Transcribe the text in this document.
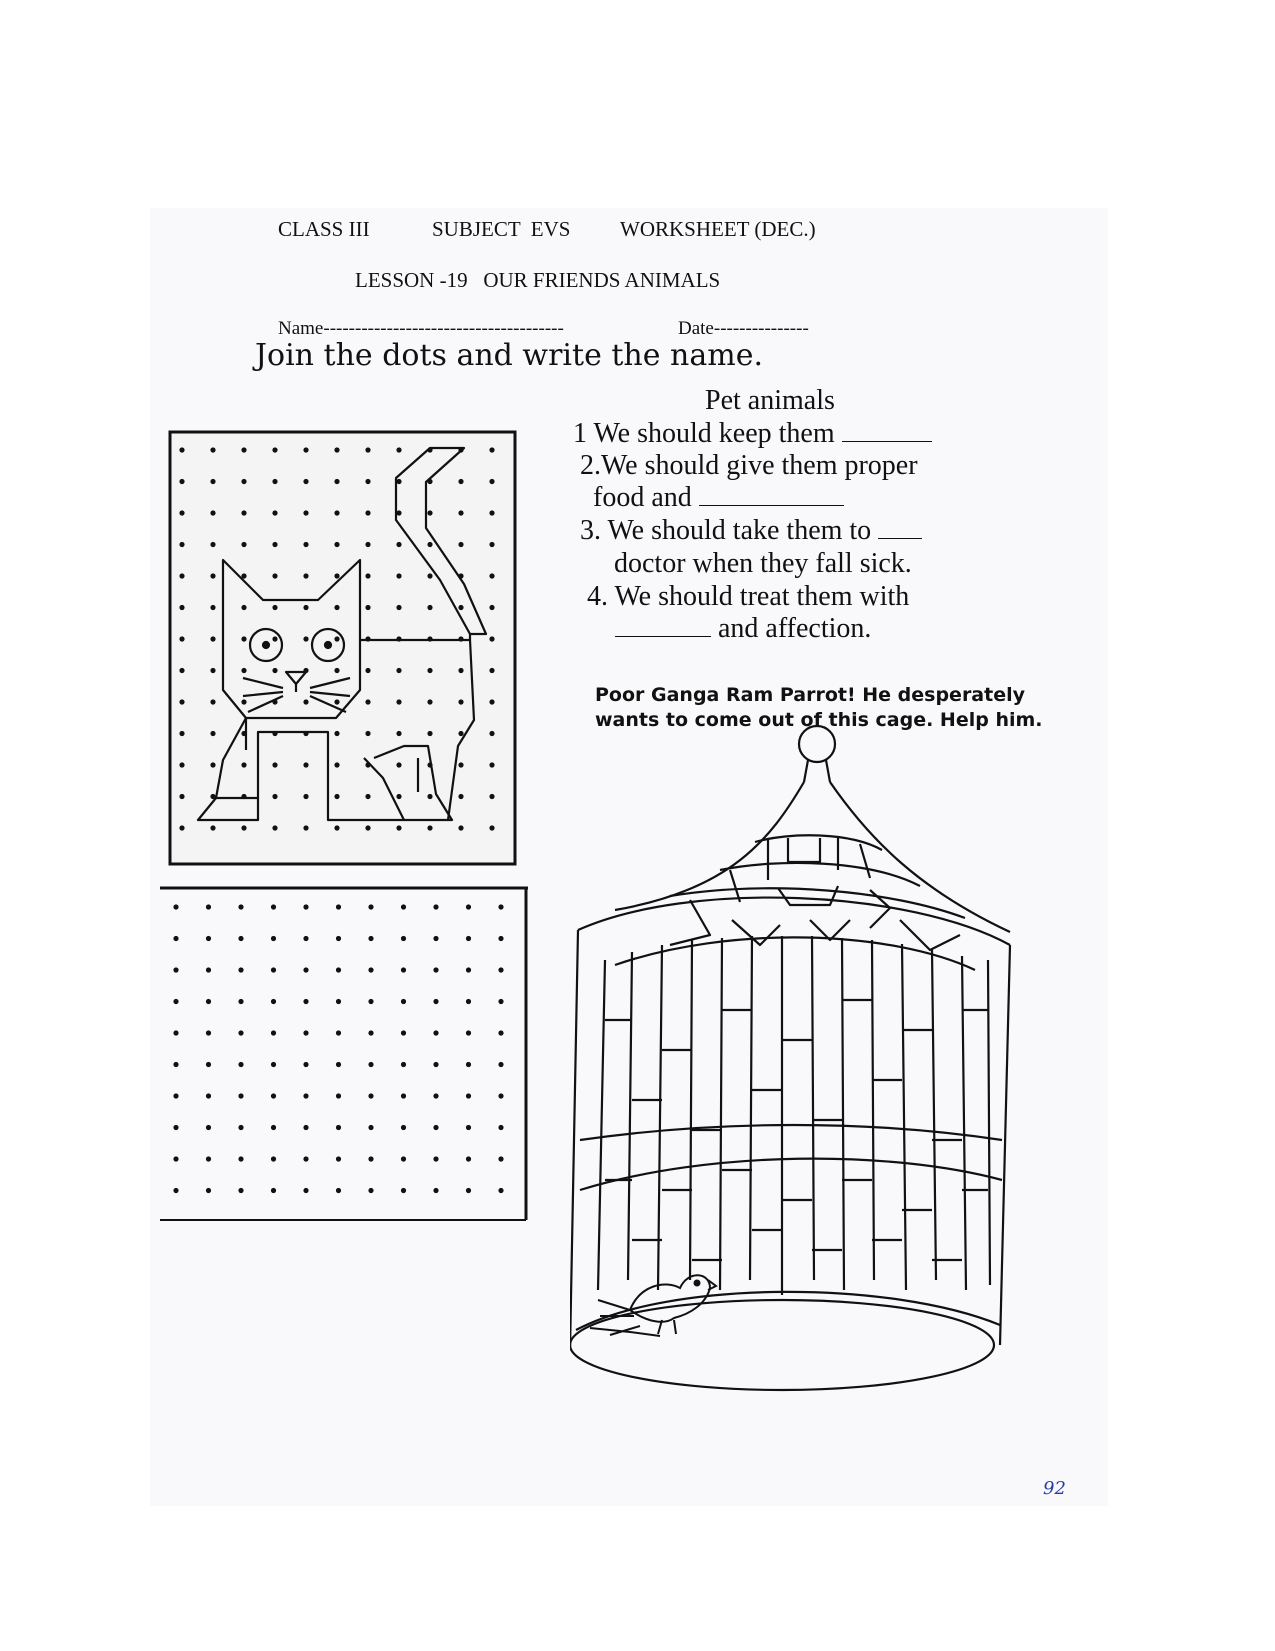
CLASS III	SUBJECT  EVS WORKSHEET (DEC.)
LESSON -19   OUR FRIENDS ANIMALS
Name--------------------------------------	Date---------------
Join the dots and write the name.
Pet animals
1 We should keep them
2.We should give them proper
food and
3. We should take them to
doctor when they fall sick.
4. We should treat them with
and affection.
Poor Ganga Ram Parrot! He desperately
wants to come out of this cage. Help him.
92
